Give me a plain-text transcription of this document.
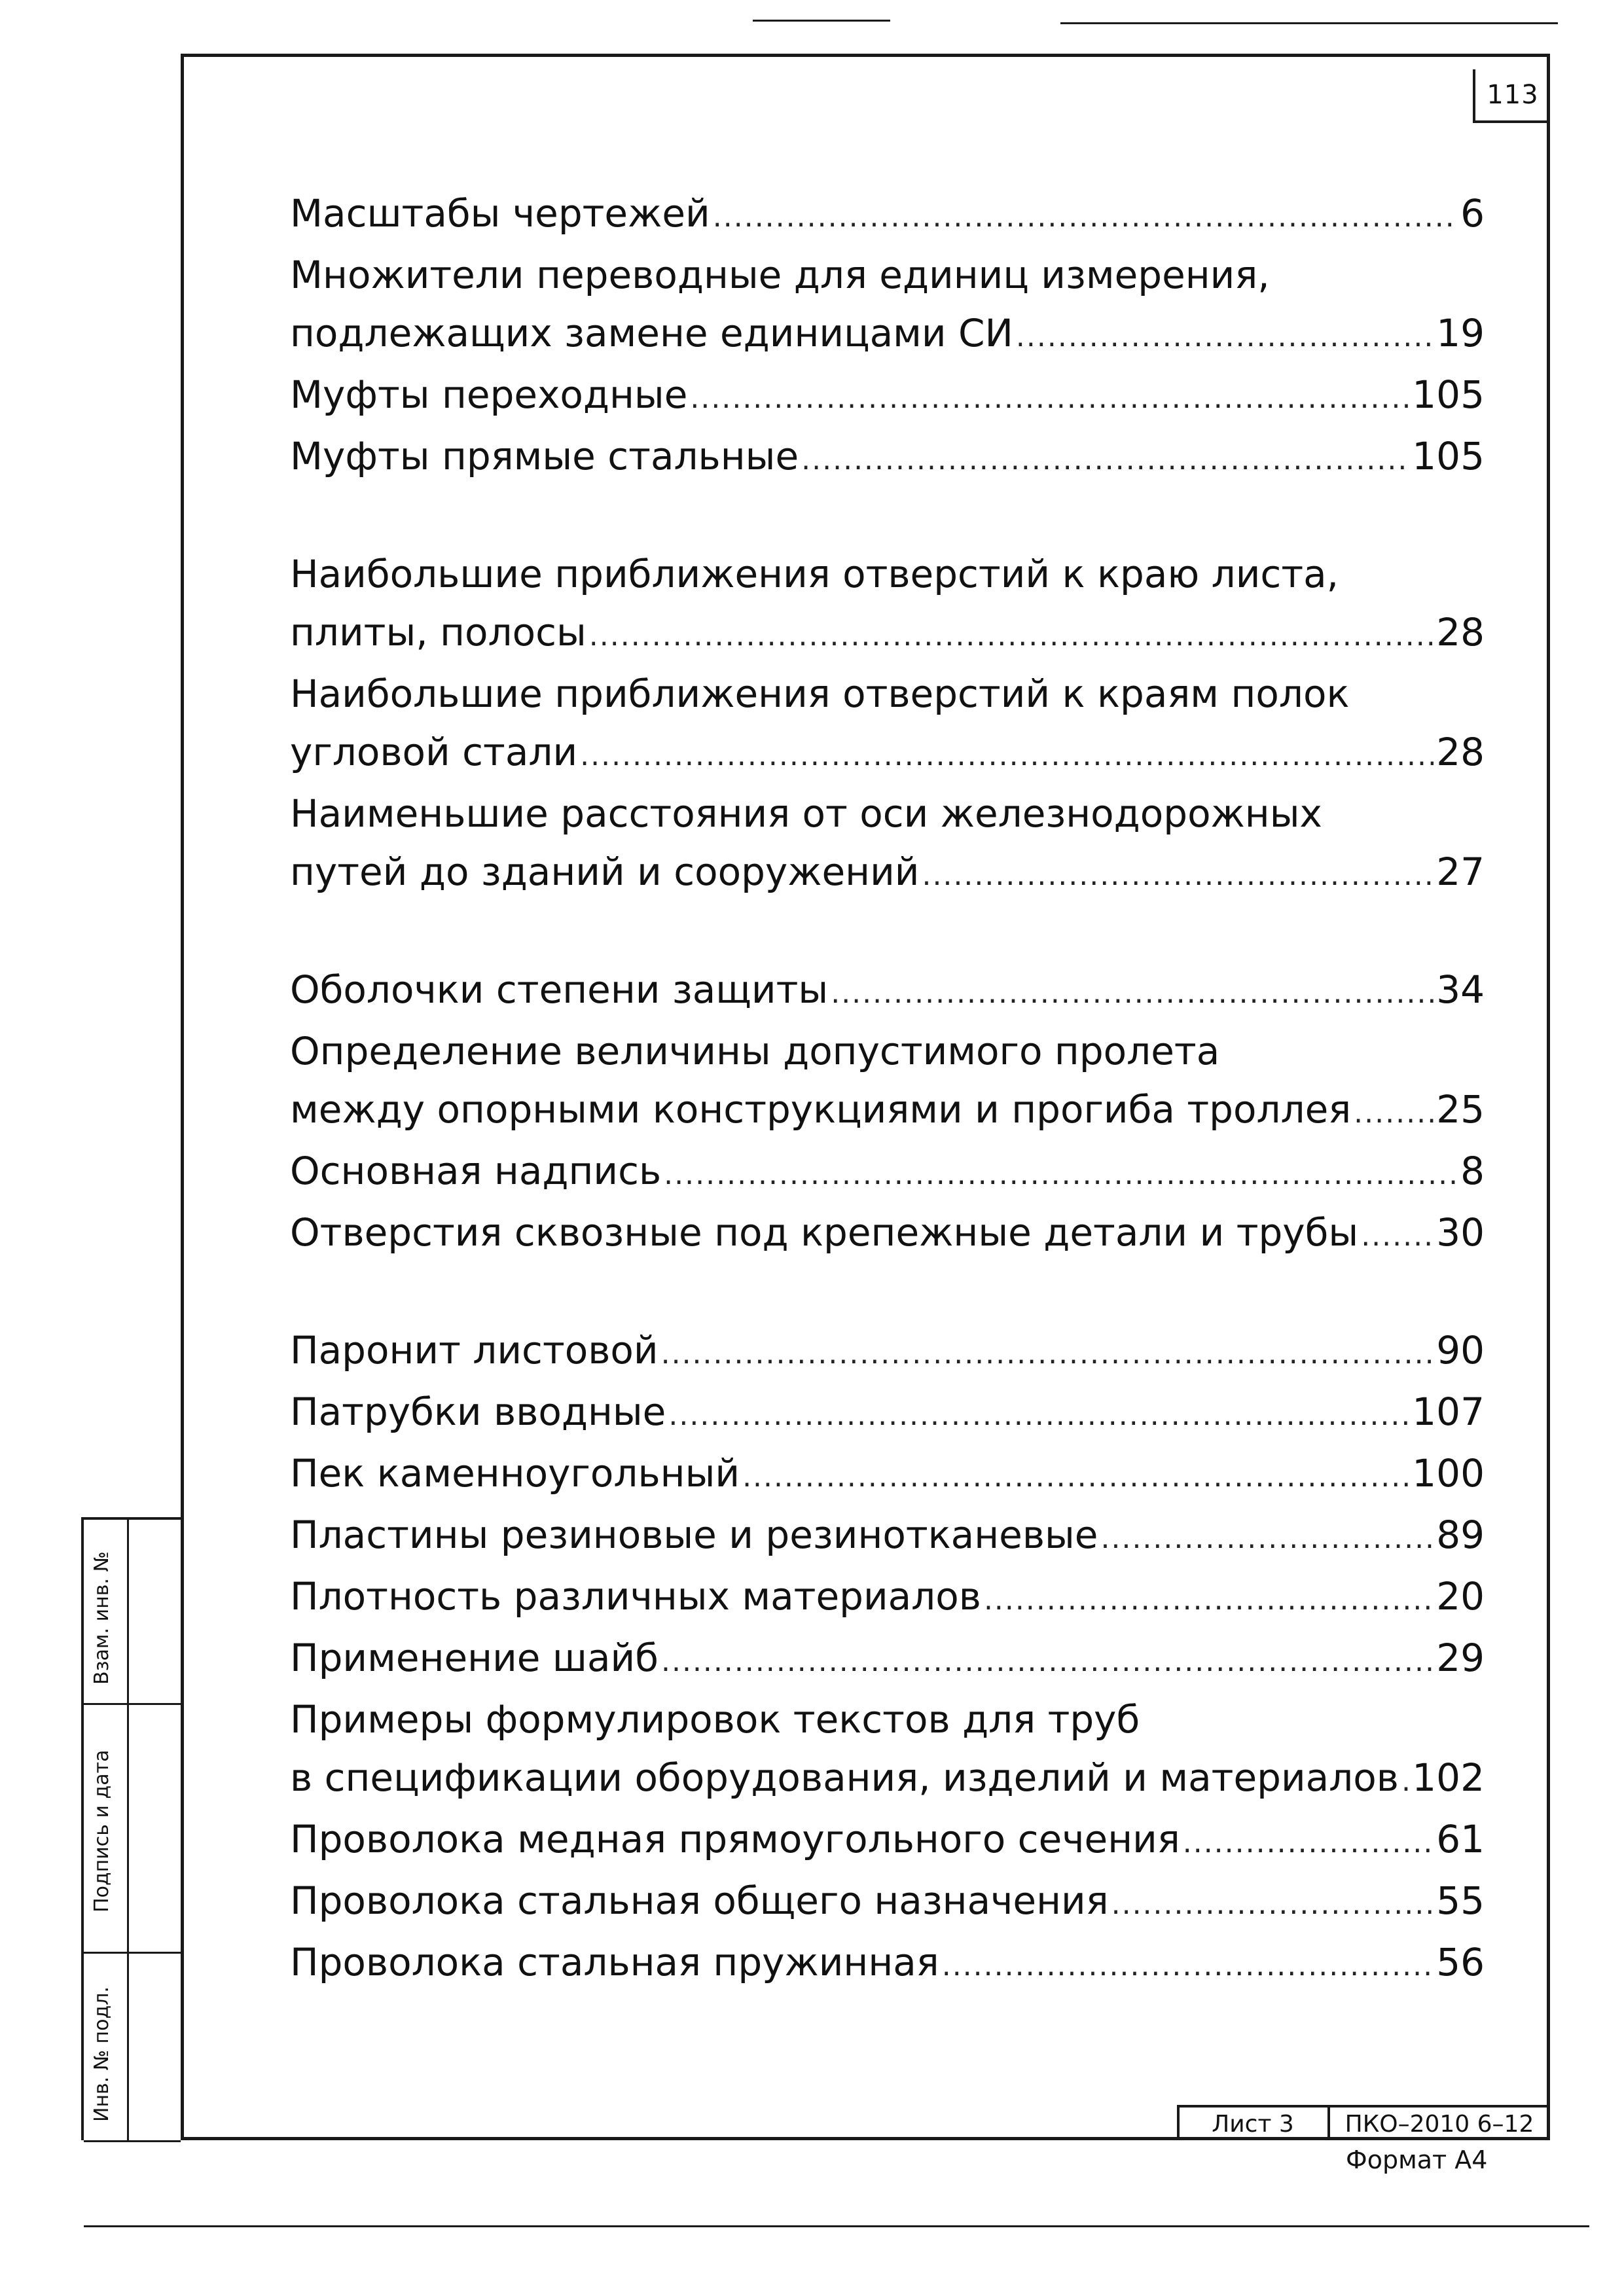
113
Масштабы чертежей .....	6
Множители переводные для единиц измерения,
подлежащих замене единицами СИ .....	19
Муфты переходные .....	105
Муфты прямые стальные .....	105
Наибольшие приближения отверстий к краю листа,
плиты, полосы .....	28
Наибольшие приближения отверстий к краям полок
угловой стали .....	28
Наименьшие расстояния от оси железнодорожных
путей до зданий и сооружений .....	27
Оболочки степени защиты .....	34
Определение величины допустимого пролета
между опорными конструкциями и прогиба троллея ..... 25
Основная надпись .....	8
Отверстия сквозные под крепежные детали и трубы ..... 30
Паронит листовой .....	90
Патрубки вводные .....	107
Пек каменноугольный .....	100
Пластины резиновые и резинотканевые .....	89
Плотность различных материалов .....	20
Применение шайб .....	29
Примеры формулировок текстов для труб
в спецификации оборудования, изделий и материалов ..... 102
Проволока медная прямоугольного сечения .....	61
Проволока стальная общего назначения .....	55
Проволока стальная пружинная .....	56
Взам. инв. №
Подпись и дата
Инв. № подл.
Лист 3	ПКО–2010 6–12
Формат А4
